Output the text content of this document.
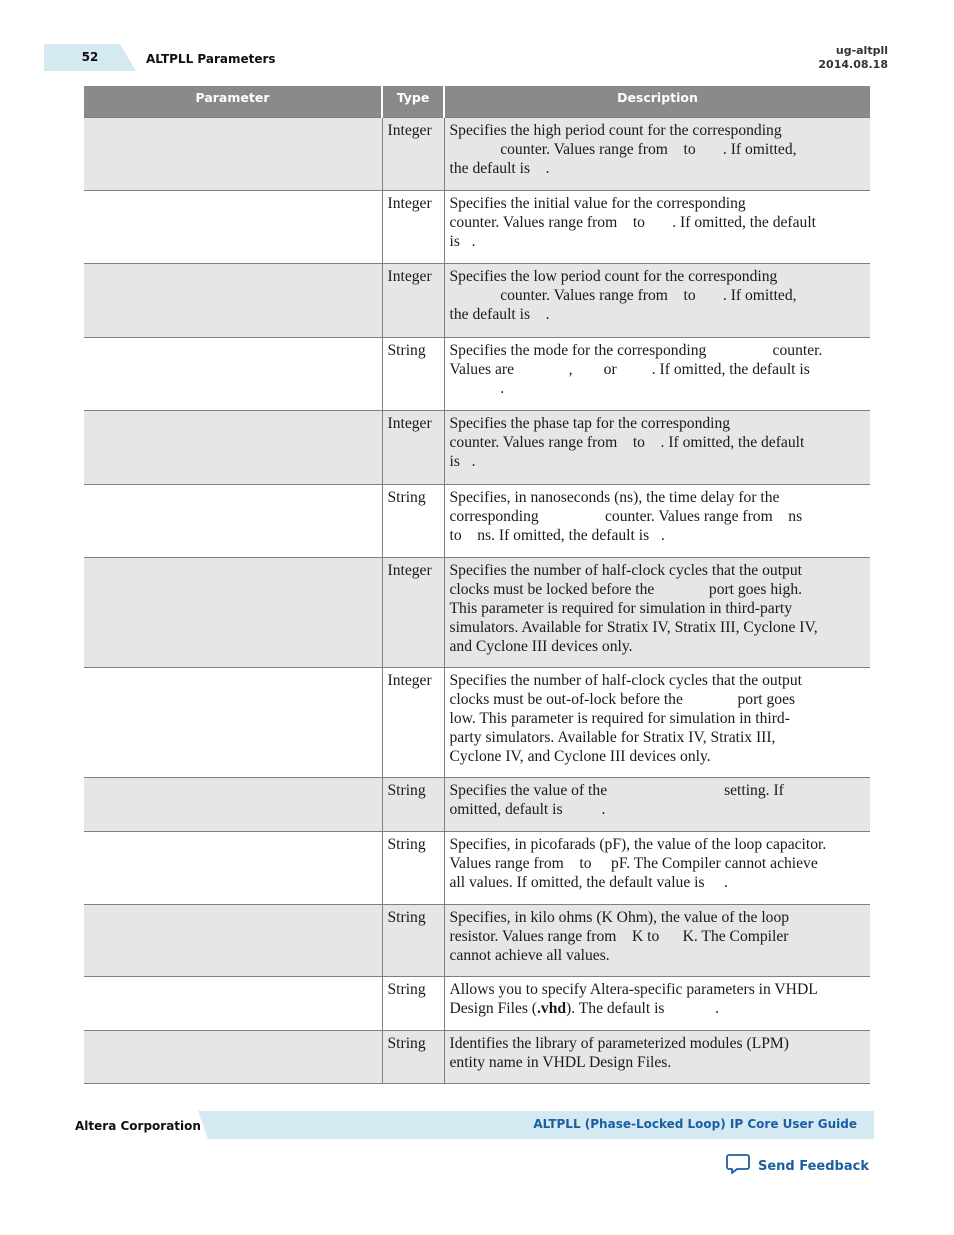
52	ALTPLL Parameters
ug-altpll
2014.08.18
Parameter	Type	Description
	Integer	Specifies the high period count for the corresponding
counter. Values range from    to       . If omitted,
the default is    .
	Integer	Specifies the initial value for the corresponding
counter. Values range from    to       . If omitted, the default
is   .
	Integer	Specifies the low period count for the corresponding
counter. Values range from    to       . If omitted,
the default is    .
	String	Specifies the mode for the corresponding                 counter.
Values are              ,        or         . If omitted, the default is
.
	Integer	Specifies the phase tap for the corresponding
counter. Values range from    to    . If omitted, the default
is   .
	String	Specifies, in nanoseconds (ns), the time delay for the
corresponding                 counter. Values range from    ns
to    ns. If omitted, the default is   .
	Integer	Specifies the number of half-clock cycles that the output
clocks must be locked before the              port goes high.
This parameter is required for simulation in third-party
simulators. Available for Stratix IV, Stratix III, Cyclone IV,
and Cyclone III devices only.
	Integer	Specifies the number of half-clock cycles that the output
clocks must be out-of-lock before the              port goes
low. This parameter is required for simulation in third-
party simulators. Available for Stratix IV, Stratix III,
Cyclone IV, and Cyclone III devices only.
	String	Specifies the value of the                              setting. If
omitted, default is          .
	String	Specifies, in picofarads (pF), the value of the loop capacitor.
Values range from    to     pF. The Compiler cannot achieve
all values. If omitted, the default value is     .
	String	Specifies, in kilo ohms (K Ohm), the value of the loop
resistor. Values range from    K to      K. The Compiler
cannot achieve all values.
	String	Allows you to specify Altera-specific parameters in VHDL
Design Files (.vhd). The default is             .
	String	Identifies the library of parameterized modules (LPM)
entity name in VHDL Design Files.
Altera Corporation	ALTPLL (Phase-Locked Loop) IP Core User Guide
Send Feedback
